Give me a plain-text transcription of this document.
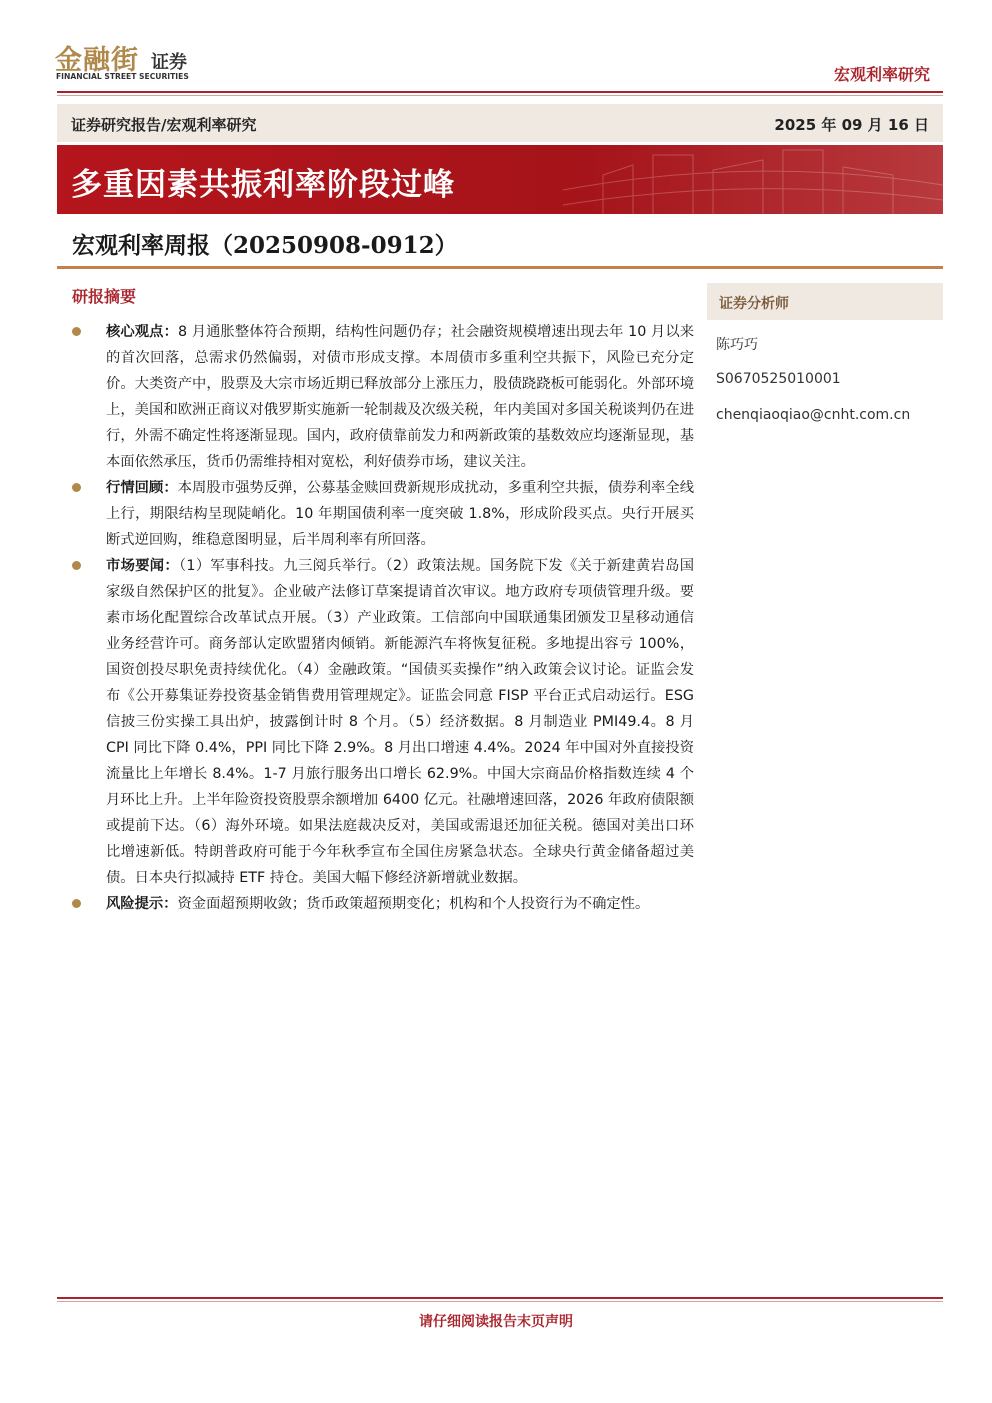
金融街 证券
FINANCIAL STREET SECURITIES	宏观利率研究
证券研究报告/宏观利率研究	2025 年 09 月 16 日
多重因素共振利率阶段过峰
宏观利率周报（20250908-0912）
研报摘要
核心观点：8 月通胀整体符合预期，结构性问题仍存；社会融资规模增速出现去年 10 月以来的首次回落，总需求仍然偏弱，对债市形成支撑。本周债市多重利空共振下，风险已充分定价。大类资产中，股票及大宗市场近期已释放部分上涨压力，股债跷跷板可能弱化。外部环境上，美国和欧洲正商议对俄罗斯实施新一轮制裁及次级关税，年内美国对多国关税谈判仍在进行，外需不确定性将逐渐显现。国内，政府债靠前发力和两新政策的基数效应均逐渐显现，基本面依然承压，货币仍需维持相对宽松，利好债券市场，建议关注。
行情回顾：本周股市强势反弹，公募基金赎回费新规形成扰动，多重利空共振，债券利率全线上行，期限结构呈现陡峭化。10 年期国债利率一度突破 1.8%，形成阶段买点。央行开展买断式逆回购，维稳意图明显，后半周利率有所回落。
市场要闻：（1）军事科技。九三阅兵举行。（2）政策法规。国务院下发《关于新建黄岩岛国家级自然保护区的批复》。企业破产法修订草案提请首次审议。地方政府专项债管理升级。要素市场化配置综合改革试点开展。（3）产业政策。工信部向中国联通集团颁发卫星移动通信业务经营许可。商务部认定欧盟猪肉倾销。新能源汽车将恢复征税。多地提出容亏 100%，国资创投尽职免责持续优化。（4）金融政策。“国债买卖操作”纳入政策会议讨论。证监会发布《公开募集证券投资基金销售费用管理规定》。证监会同意 FISP 平台正式启动运行。ESG 信披三份实操工具出炉，披露倒计时 8 个月。（5）经济数据。8 月制造业 PMI49.4。8 月 CPI 同比下降 0.4%，PPI 同比下降 2.9%。8 月出口增速 4.4%。2024 年中国对外直接投资流量比上年增长 8.4%。1-7 月旅行服务出口增长 62.9%。中国大宗商品价格指数连续 4 个月环比上升。上半年险资投资股票余额增加 6400 亿元。社融增速回落，2026 年政府债限额或提前下达。（6）海外环境。如果法庭裁决反对，美国或需退还加征关税。德国对美出口环比增速新低。特朗普政府可能于今年秋季宣布全国住房紧急状态。全球央行黄金储备超过美债。日本央行拟减持 ETF 持仓。美国大幅下修经济新增就业数据。
风险提示：资金面超预期收敛；货币政策超预期变化；机构和个人投资行为不确定性。
证券分析师
陈巧巧
S0670525010001
chenqiaoqiao@cnht.com.cn
请仔细阅读报告末页声明
